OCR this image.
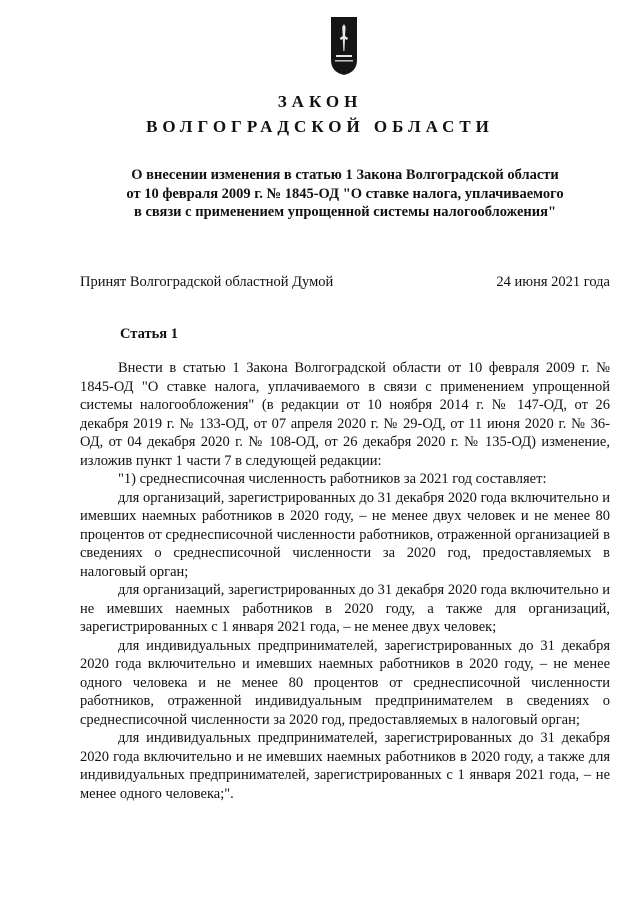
ЗАКОН
ВОЛГОГРАДСКОЙ ОБЛАСТИ
О внесении изменения в статью 1 Закона Волгоградской области
от 10 февраля 2009 г. № 1845-ОД "О ставке налога, уплачиваемого
в связи с применением упрощенной системы налогообложения"
Принят Волгоградской областной Думой	24 июня 2021 года
Статья 1

Внести в статью 1 Закона Волгоградской области от 10 февраля 2009 г. № 1845-ОД "О ставке налога, уплачиваемого в связи с применением упрощенной системы налогообложения" (в редакции от 10 ноября 2014 г. № 147-ОД, от 26 декабря 2019 г. № 133-ОД, от 07 апреля 2020 г. № 29-ОД, от 11 июня 2020 г. № 36-ОД, от 04 декабря 2020 г. № 108-ОД, от 26 декабря 2020 г. № 135-ОД) изменение, изложив пункт 1 части 7 в следующей редакции:

"1) среднесписочная численность работников за 2021 год составляет:

для организаций, зарегистрированных до 31 декабря 2020 года включительно и имевших наемных работников в 2020 году, – не менее двух человек и не менее 80 процентов от среднесписочной численности работников, отраженной организацией в сведениях о среднесписочной численности за 2020 год, предоставляемых в налоговый орган;

для организаций, зарегистрированных до 31 декабря 2020 года включительно и не имевших наемных работников в 2020 году, а также для организаций, зарегистрированных с 1 января 2021 года, – не менее двух человек;

для индивидуальных предпринимателей, зарегистрированных до 31 декабря 2020 года включительно и имевших наемных работников в 2020 году, – не менее одного человека и не менее 80 процентов от среднесписочной численности работников, отраженной индивидуальным предпринимателем в сведениях о среднесписочной численности за 2020 год, предоставляемых в налоговый орган;

для индивидуальных предпринимателей, зарегистрированных до 31 декабря 2020 года включительно и не имевших наемных работников в 2020 году, а также для индивидуальных предпринимателей, зарегистрированных с 1 января 2021 года, – не менее одного человека;".
